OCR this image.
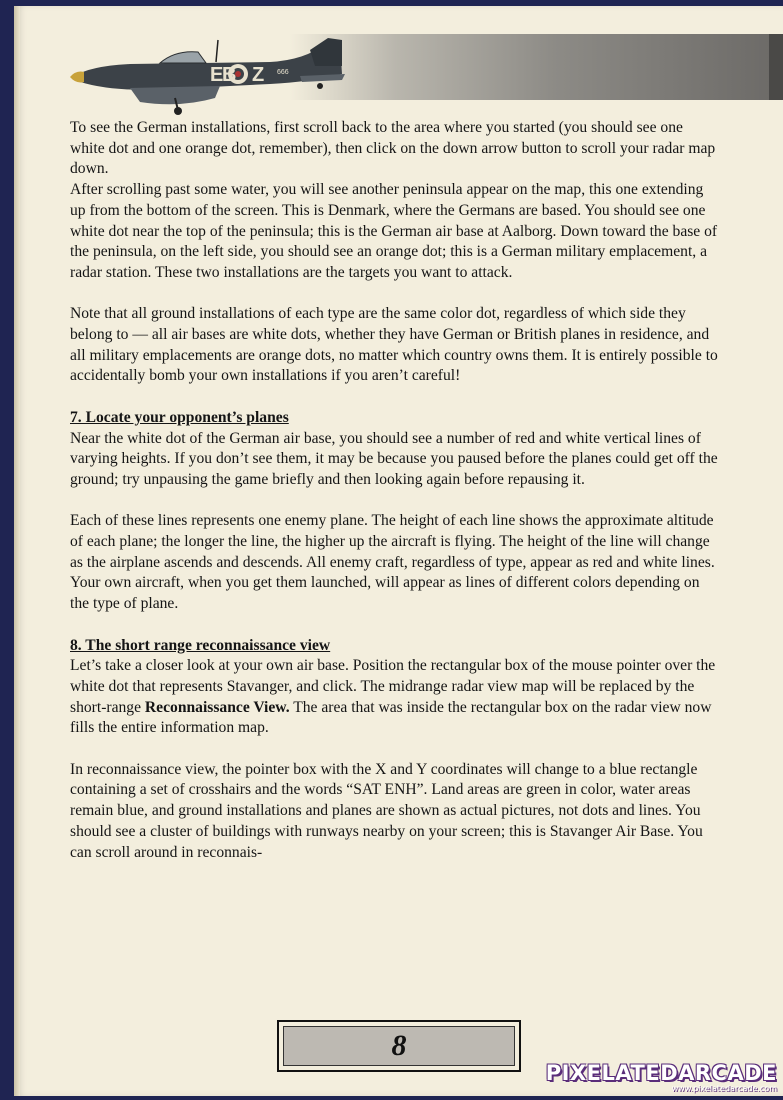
E
B Z 666

To see the German installations, first scroll back to the area where you started (you should see one white dot and one orange dot, remember), then click on the down arrow button to scroll your radar map down.

After scrolling past some water, you will see another peninsula appear on the map, this one extending up from the bottom of the screen. This is Denmark, where the Germans are based. You should see one white dot near the top of the peninsula; this is the German air base at Aalborg. Down toward the base of the peninsula, on the left side, you should see an orange dot; this is a German military emplacement, a radar station. These two installations are the targets you want to attack.

Note that all ground installations of each type are the same color dot, regardless of which side they belong to — all air bases are white dots, whether they have German or British planes in residence, and all military emplacements are orange dots, no matter which country owns them. It is entirely possible to accidentally bomb your own installations if you aren’t careful!

7. Locate your opponent’s planes

Near the white dot of the German air base, you should see a number of red and white vertical lines of varying heights. If you don’t see them, it may be because you paused before the planes could get off the ground; try unpausing the game briefly and then looking again before repausing it.

Each of these lines represents one enemy plane. The height of each line shows the approximate altitude of each plane; the longer the line, the higher up the aircraft is flying. The height of the line will change as the airplane ascends and descends. All enemy craft, regardless of type, appear as red and white lines. Your own aircraft, when you get them launched, will appear as lines of different colors depending on the type of plane.

8. The short range reconnaissance view

Let’s take a closer look at your own air base. Position the rectangular box of the mouse pointer over the white dot that represents Stavanger, and click. The midrange radar view map will be replaced by the short-range Reconnaissance View. The area that was inside the rectangular box on the radar view now fills the entire information map.

In reconnaissance view, the pointer box with the X and Y coordinates will change to a blue rectangle containing a set of crosshairs and the words “SAT ENH”. Land areas are green in color, water areas remain blue, and ground installations and planes are shown as actual pictures, not dots and lines. You should see a cluster of buildings with runways nearby on your screen; this is Stavanger Air Base. You can scroll around in reconnais-

8
PIXELATEDARCADE
www.pixelatedarcade.com
